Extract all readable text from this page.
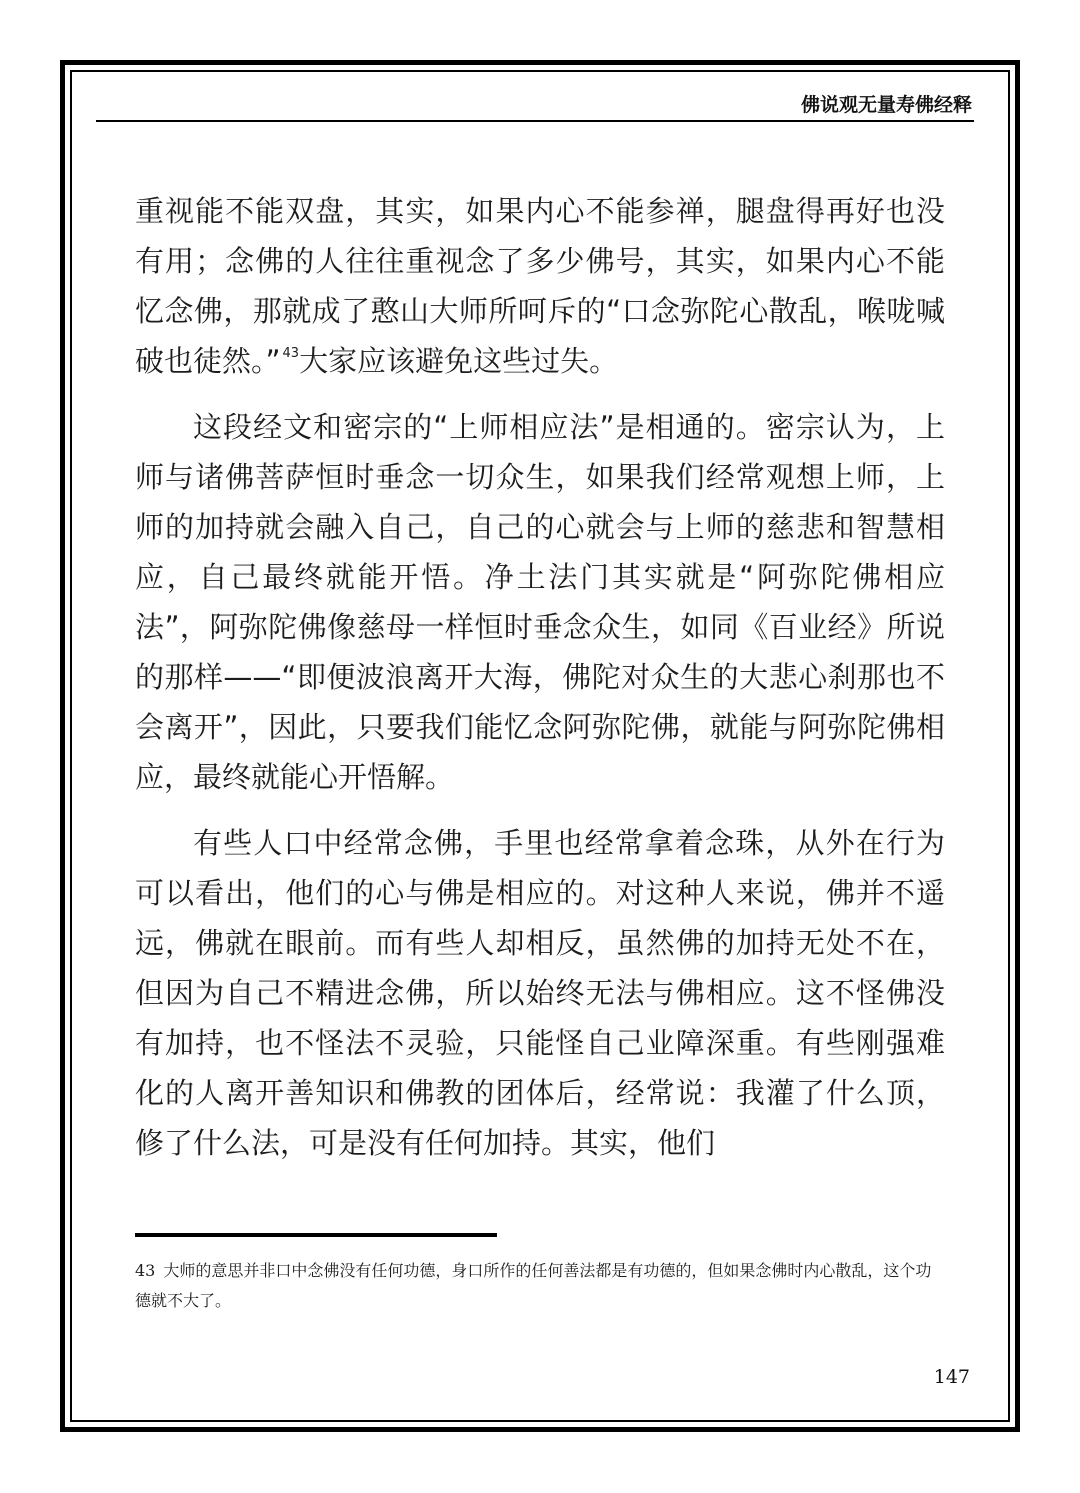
佛说观无量寿佛经释

重视能不能双盘，其实，如果内心不能参禅，腿盘得再好也没有用；念佛的人往往重视念了多少佛号，其实，如果内心不能忆念佛，那就成了憨山大师所呵斥的“口念弥陀心散乱，喉咙喊破也徒然。” $^{43}$大家应该避免这些过失。

这段经文和密宗的“上师相应法”是相通的。密宗认为，上师与诸佛菩萨恒时垂念一切众生，如果我们经常观想上师，上师的加持就会融入自己，自己的心就会与上师的慈悲和智慧相应，自己最终就能开悟。净土法门其实就是“阿弥陀佛相应法”，阿弥陀佛像慈母一样恒时垂念众生，如同《百业经》所说的那样——“即便波浪离开大海，佛陀对众生的大悲心刹那也不会离开”，因此，只要我们能忆念阿弥陀佛，就能与阿弥陀佛相应，最终就能心开悟解。

有些人口中经常念佛，手里也经常拿着念珠，从外在行为可以看出，他们的心与佛是相应的。对这种人来说，佛并不遥远，佛就在眼前。而有些人却相反，虽然佛的加持无处不在，但因为自己不精进念佛，所以始终无法与佛相应。这不怪佛没有加持，也不怪法不灵验，只能怪自己业障深重。有些刚强难化的人离开善知识和佛教的团体后，经常说：我灌了什么顶，修了什么法，可是没有任何加持。其实，他们

43 大师的意思并非口中念佛没有任何功德，身口所作的任何善法都是有功德的，但如果念佛时内心散乱，这个功德就不大了。
147
